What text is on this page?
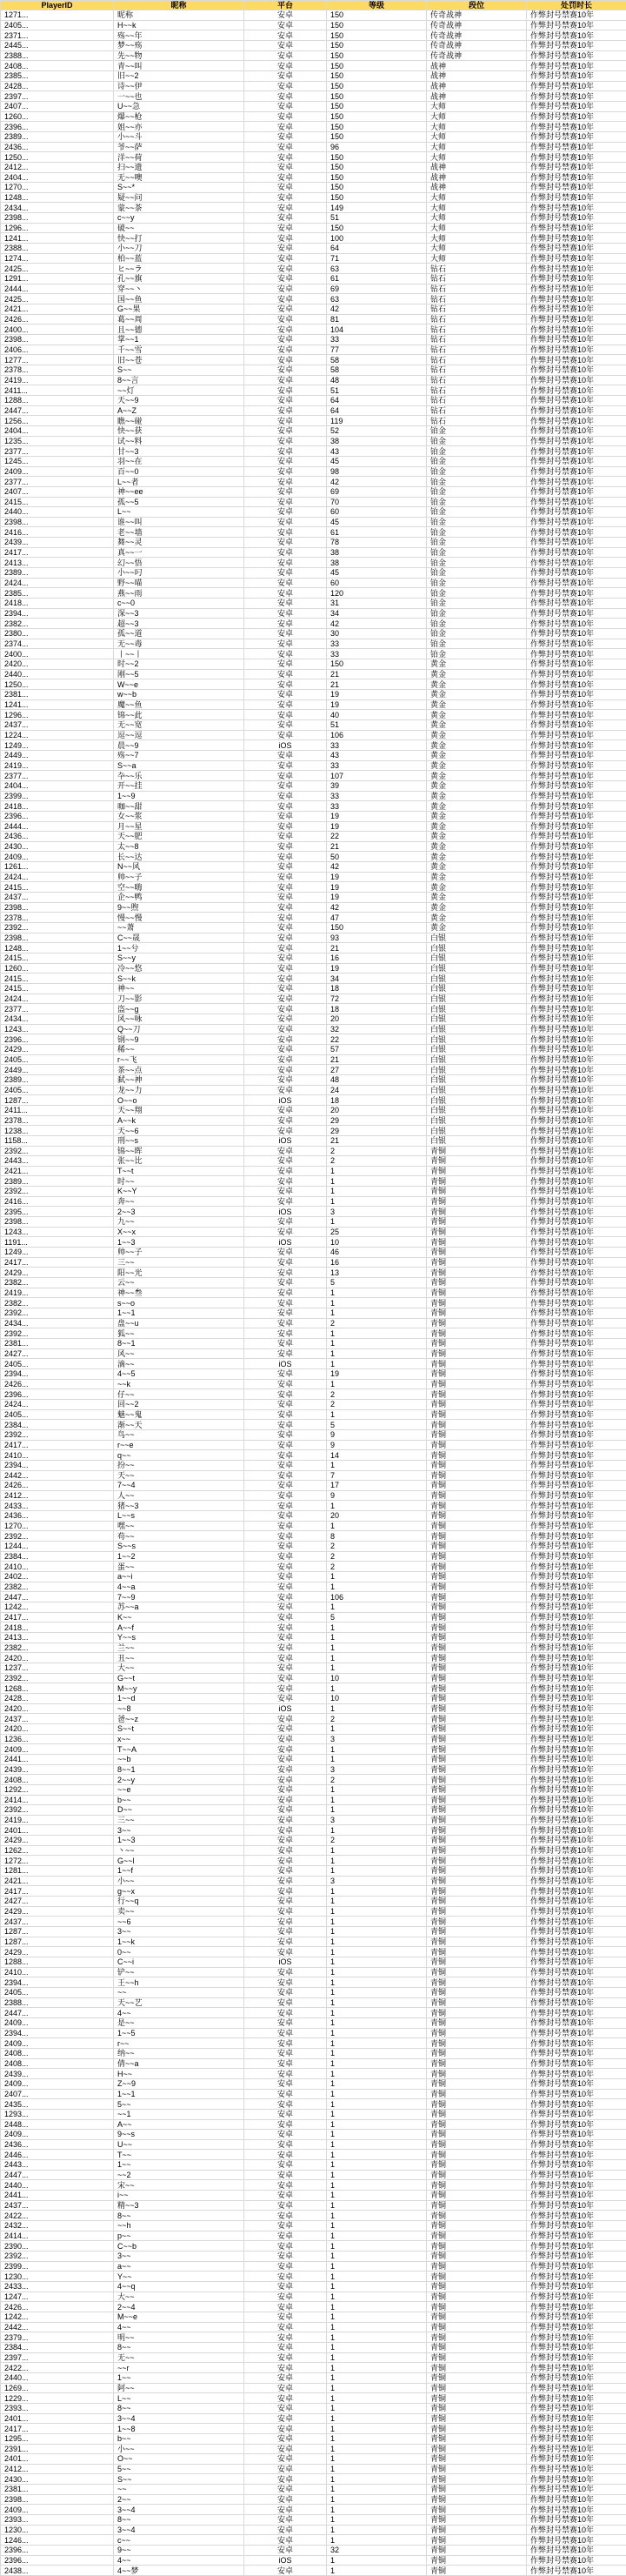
PlayerID	昵称	平台	等级	段位	处罚时长
1271...	昵称	安卓	150	传奇战神	作弊封号禁赛10年
2405...	H~~k	安卓	150	传奇战神	作弊封号禁赛10年
2371...	殇~~年	安卓	150	传奇战神	作弊封号禁赛10年
2445...	梦~~殇	安卓	150	传奇战神	作弊封号禁赛10年
2388...	先~~物	安卓	150	传奇战神	作弊封号禁赛10年
2408...	青~~叫	安卓	150	战神	作弊封号禁赛10年
2385...	旧~~2	安卓	150	战神	作弊封号禁赛10年
2428...	诗~~伊	安卓	150	战神	作弊封号禁赛10年
2397...	一~~也	安卓	150	战神	作弊封号禁赛10年
2407...	U~~急	安卓	150	大师	作弊封号禁赛10年
1260...	爆~~枪	安卓	150	大师	作弊封号禁赛10年
2396...	姐~~亦	安卓	150	大师	作弊封号禁赛10年
2389...	小~~斗	安卓	150	大师	作弊封号禁赛10年
2436...	爷~~萨	安卓	96	大师	作弊封号禁赛10年
1250...	洋~~荷	安卓	150	大师	作弊封号禁赛10年
2412...	扫~~遗	安卓	150	战神	作弊封号禁赛10年
2404...	无~~噢	安卓	150	战神	作弊封号禁赛10年
1270...	S~~*	安卓	150	战神	作弊封号禁赛10年
1248...	疑~~问	安卓	150	大师	作弊封号禁赛10年
2434...	蒙~~茶	安卓	149	大师	作弊封号禁赛10年
2398...	c~~y	安卓	51	大师	作弊封号禁赛10年
1296...	破~~	安卓	150	大师	作弊封号禁赛10年
1241...	快~~打	安卓	100	大师	作弊封号禁赛10年
2388...	小~~刀	安卓	64	大师	作弊封号禁赛10年
1274...	柏~~蓝	安卓	71	大师	作弊封号禁赛10年
2425...	ヒ~~ラ	安卓	63	钻石	作弊封号禁赛10年
1291...	孔~~旗	安卓	61	钻石	作弊封号禁赛10年
2444...	穿~~丶	安卓	69	钻石	作弊封号禁赛10年
2425...	国~~鱼	安卓	63	钻石	作弊封号禁赛10年
2421...	G~~果	安卓	42	钻石	作弊封号禁赛10年
2426...	葛~~周	安卓	81	钻石	作弊封号禁赛10年
2400...	且~~德	安卓	104	钻石	作弊封号禁赛10年
2398...	掌~~1	安卓	33	钻石	作弊封号禁赛10年
2406...	千~~雪	安卓	77	钻石	作弊封号禁赛10年
1277...	旧~~苍	安卓	58	钻石	作弊封号禁赛10年
2378...	S~~	安卓	58	钻石	作弊封号禁赛10年
2419...	8~~言	安卓	48	钻石	作弊封号禁赛10年
2411...	~~灯	安卓	51	钻石	作弊封号禁赛10年
1288...	天~~9	安卓	64	钻石	作弊封号禁赛10年
2447...	A~~Z	安卓	64	钻石	作弊封号禁赛10年
1256...	瞧~~碰	安卓	119	钻石	作弊封号禁赛10年
2404...	快~~获	安卓	52	铂金	作弊封号禁赛10年
1235...	试~~料	安卓	38	铂金	作弊封号禁赛10年
2377...	甘~~3	安卓	43	铂金	作弊封号禁赛10年
1245...	羽~~在	安卓	45	铂金	作弊封号禁赛10年
2409...	百~~0	安卓	98	铂金	作弊封号禁赛10年
2377...	L~~者	安卓	42	铂金	作弊封号禁赛10年
2407...	神~~ee	安卓	69	铂金	作弊封号禁赛10年
2415...	孤~~5	安卓	70	铂金	作弊封号禁赛10年
2440...	L~~	安卓	60	铂金	作弊封号禁赛10年
2398...	谁~~叫	安卓	45	铂金	作弊封号禁赛10年
2416...	老~~墙	安卓	61	铂金	作弊封号禁赛10年
2439...	舞~~灵	安卓	78	铂金	作弊封号禁赛10年
2417...	真~~一	安卓	38	铂金	作弊封号禁赛10年
2413...	幻~~悟	安卓	38	铂金	作弊封号禁赛10年
2389...	小~~叼	安卓	45	铂金	作弊封号禁赛10年
2424...	野~~喵	安卓	60	铂金	作弊封号禁赛10年
2385...	燕~~雨	安卓	120	铂金	作弊封号禁赛10年
2418...	c~~0	安卓	31	铂金	作弊封号禁赛10年
2394...	深~~3	安卓	34	铂金	作弊封号禁赛10年
2382...	超~~3	安卓	42	铂金	作弊封号禁赛10年
2380...	孤~~道	安卓	30	铂金	作弊封号禁赛10年
2374...	无~~毒	安卓	33	铂金	作弊封号禁赛10年
2400...	丨~~丨	安卓	33	铂金	作弊封号禁赛10年
2420...	时~~2	安卓	150	黄金	作弊封号禁赛10年
2440...	刚~~5	安卓	21	黄金	作弊封号禁赛10年
1250...	W~~e	安卓	21	黄金	作弊封号禁赛10年
2381...	w~~b	安卓	19	黄金	作弊封号禁赛10年
1241...	魔~~鱼	安卓	19	黄金	作弊封号禁赛10年
1296...	锦~~此	安卓	40	黄金	作弊封号禁赛10年
2437...	无~~宽	安卓	51	黄金	作弊封号禁赛10年
1224...	逗~~逗	安卓	106	黄金	作弊封号禁赛10年
1249...	晨~~9	iOS	33	黄金	作弊封号禁赛10年
2449...	殇~~7	安卓	43	黄金	作弊封号禁赛10年
2419...	S~~a	安卓	33	黄金	作弊封号禁赛10年
2377...	卆~~乐	安卓	107	黄金	作弊封号禁赛10年
2404...	开~~挂	安卓	39	黄金	作弊封号禁赛10年
2399...	1~~9	安卓	33	黄金	作弊封号禁赛10年
2418...	咖~~甜	安卓	33	黄金	作弊封号禁赛10年
2396...	女~~浆	安卓	19	黄金	作弊封号禁赛10年
2444...	月~~星	安卓	19	黄金	作弊封号禁赛10年
2436...	天~~肥	安卓	22	黄金	作弊封号禁赛10年
2430...	太~~8	安卓	21	黄金	作弊封号禁赛10年
2409...	长~~达	安卓	50	黄金	作弊封号禁赛10年
1261...	N~~风	安卓	42	黄金	作弊封号禁赛10年
2424...	帅~~子	安卓	19	黄金	作弊封号禁赛10年
2415...	空~~嗨	安卓	19	黄金	作弊封号禁赛10年
2437...	企~~鸭	安卓	19	黄金	作弊封号禁赛10年
2398...	9~~煦	安卓	42	黄金	作弊封号禁赛10年
2378...	慢~~慢	安卓	47	黄金	作弊封号禁赛10年
2392...	~~萧	安卓	150	黄金	作弊封号禁赛10年
2398...	C~~晟	安卓	93	白银	作弊封号禁赛10年
1248...	1~~兮	安卓	21	白银	作弊封号禁赛10年
2415...	S~~y	安卓	16	白银	作弊封号禁赛10年
1260...	冷~~悠	安卓	19	白银	作弊封号禁赛10年
2415...	S~~k	安卓	34	白银	作弊封号禁赛10年
2415...	神~~	安卓	18	白银	作弊封号禁赛10年
2424...	刀~~影	安卓	72	白银	作弊封号禁赛10年
2377...	盗~~g	安卓	18	白银	作弊封号禁赛10年
2434...	风~~咏	安卓	20	白银	作弊封号禁赛10年
1243...	Q~~刀	安卓	32	白银	作弊封号禁赛10年
2396...	钢~~9	安卓	22	白银	作弊封号禁赛10年
2429...	稀~~	安卓	57	白银	作弊封号禁赛10年
2405...	r~~飞	安卓	21	白银	作弊封号禁赛10年
2449...	茶~~点	安卓	27	白银	作弊封号禁赛10年
2389...	弑~~神	安卓	48	白银	作弊封号禁赛10年
2405...	龙~~力	安卓	24	白银	作弊封号禁赛10年
1287...	O~~o	iOS	18	白银	作弊封号禁赛10年
2411...	天~~翔	安卓	20	白银	作弊封号禁赛10年
2378...	A~~k	安卓	29	白银	作弊封号禁赛10年
1238...	天~~6	安卓	29	白银	作弊封号禁赛10年
1158...	刑~~s	iOS	21	白银	作弊封号禁赛10年
2392...	锦~~晖	安卓	2	青铜	作弊封号禁赛10年
2443...	张~~比	安卓	2	青铜	作弊封号禁赛10年
2421...	T~~t	安卓	1	青铜	作弊封号禁赛10年
2389...	时~~	安卓	1	青铜	作弊封号禁赛10年
2392...	K~~Y	安卓	1	青铜	作弊封号禁赛10年
2416...	奔~~	安卓	1	青铜	作弊封号禁赛10年
2395...	2~~3	iOS	3	青铜	作弊封号禁赛10年
2398...	九~~	安卓	1	青铜	作弊封号禁赛10年
1243...	X~~x	安卓	25	青铜	作弊封号禁赛10年
1191...	1~~3	iOS	10	青铜	作弊封号禁赛10年
1249...	帅~~子	安卓	46	青铜	作弊封号禁赛10年
2417...	三~~	安卓	16	青铜	作弊封号禁赛10年
2429...	阳~~光	安卓	13	青铜	作弊封号禁赛10年
2382...	云~~	安卓	5	青铜	作弊封号禁赛10年
2419...	神~~叁	安卓	1	青铜	作弊封号禁赛10年
2382...	s~~o	安卓	1	青铜	作弊封号禁赛10年
2392...	1~~1	安卓	1	青铜	作弊封号禁赛10年
2434...	盘~~u	安卓	2	青铜	作弊封号禁赛10年
2392...	狐~~	安卓	1	青铜	作弊封号禁赛10年
2381...	8~~1	安卓	1	青铜	作弊封号禁赛10年
2427...	风~~	安卓	1	青铜	作弊封号禁赛10年
2405...	滴~~	iOS	1	青铜	作弊封号禁赛10年
2394...	4~~5	安卓	19	青铜	作弊封号禁赛10年
2426...	~~k	安卓	1	青铜	作弊封号禁赛10年
2396...	仔~~	安卓	2	青铜	作弊封号禁赛10年
2424...	回~~2	安卓	2	青铜	作弊封号禁赛10年
2405...	魅~~鬼	安卓	1	青铜	作弊封号禁赛10年
2384...	渐~~天	安卓	5	青铜	作弊封号禁赛10年
2392...	鸟~~	安卓	9	青铜	作弊封号禁赛10年
2417...	r~~e	安卓	9	青铜	作弊封号禁赛10年
2410...	q~~	安卓	14	青铜	作弊封号禁赛10年
2394...	扮~~	安卓	1	青铜	作弊封号禁赛10年
2442...	天~~	安卓	7	青铜	作弊封号禁赛10年
2426...	7~~4	安卓	17	青铜	作弊封号禁赛10年
2412...	人~~	安卓	9	青铜	作弊封号禁赛10年
2433...	猪~~3	安卓	1	青铜	作弊封号禁赛10年
2436...	L~~s	安卓	20	青铜	作弊封号禁赛10年
1270...	嘿~~	安卓	1	青铜	作弊封号禁赛10年
2392...	苟~~	安卓	8	青铜	作弊封号禁赛10年
1244...	S~~s	安卓	2	青铜	作弊封号禁赛10年
2384...	1~~2	安卓	2	青铜	作弊封号禁赛10年
2410...	蛋~~	安卓	2	青铜	作弊封号禁赛10年
2402...	a~~i	安卓	1	青铜	作弊封号禁赛10年
2382...	4~~a	安卓	1	青铜	作弊封号禁赛10年
2447...	7~~9	安卓	106	青铜	作弊封号禁赛10年
1242...	苏~~a	安卓	1	青铜	作弊封号禁赛10年
2417...	K~~	安卓	5	青铜	作弊封号禁赛10年
2418...	A~~f	安卓	1	青铜	作弊封号禁赛10年
2413...	Y~~s	安卓	1	青铜	作弊封号禁赛10年
2382...	兰~~	安卓	1	青铜	作弊封号禁赛10年
2420...	丑~~	安卓	1	青铜	作弊封号禁赛10年
1237...	大~~	安卓	1	青铜	作弊封号禁赛10年
2392...	G~~t	安卓	10	青铜	作弊封号禁赛10年
1268...	M~~y	安卓	1	青铜	作弊封号禁赛10年
2428...	1~~d	安卓	10	青铜	作弊封号禁赛10年
2420...	~~8	iOS	1	青铜	作弊封号禁赛10年
2437...	爸~~z	安卓	2	青铜	作弊封号禁赛10年
2420...	S~~t	安卓	1	青铜	作弊封号禁赛10年
1236...	x~~	安卓	3	青铜	作弊封号禁赛10年
2409...	T~~A	安卓	1	青铜	作弊封号禁赛10年
2441...	~~b	安卓	1	青铜	作弊封号禁赛10年
2439...	8~~1	安卓	3	青铜	作弊封号禁赛10年
2408...	2~~y	安卓	2	青铜	作弊封号禁赛10年
1292...	~~e	安卓	1	青铜	作弊封号禁赛10年
2414...	b~~	安卓	1	青铜	作弊封号禁赛10年
2392...	D~~	安卓	1	青铜	作弊封号禁赛10年
2419...	三~~	安卓	3	青铜	作弊封号禁赛10年
2401...	3~~	安卓	1	青铜	作弊封号禁赛10年
2429...	1~~3	安卓	2	青铜	作弊封号禁赛10年
1262...	丶~~	安卓	1	青铜	作弊封号禁赛10年
1272...	G~~l	安卓	1	青铜	作弊封号禁赛10年
1281...	1~~f	安卓	1	青铜	作弊封号禁赛10年
2421...	小~~	安卓	3	青铜	作弊封号禁赛10年
2417...	g~~x	安卓	1	青铜	作弊封号禁赛10年
2427...	行~~q	安卓	1	青铜	作弊封号禁赛10年
2429...	卖~~	安卓	1	青铜	作弊封号禁赛10年
2437...	~~6	安卓	1	青铜	作弊封号禁赛10年
1287...	3~~	安卓	1	青铜	作弊封号禁赛10年
1287...	1~~k	安卓	1	青铜	作弊封号禁赛10年
2429...	0~~	安卓	1	青铜	作弊封号禁赛10年
1288...	C~~i	iOS	1	青铜	作弊封号禁赛10年
2410...	铲~~	安卓	1	青铜	作弊封号禁赛10年
2394...	王~~h	安卓	1	青铜	作弊封号禁赛10年
2405...	~~	安卓	1	青铜	作弊封号禁赛10年
2388...	天~~艺	安卓	1	青铜	作弊封号禁赛10年
2447...	4~~	安卓	1	青铜	作弊封号禁赛10年
2409...	是~~	安卓	1	青铜	作弊封号禁赛10年
2394...	1~~5	安卓	1	青铜	作弊封号禁赛10年
2409...	r~~	安卓	1	青铜	作弊封号禁赛10年
2408...	纳~~	安卓	1	青铜	作弊封号禁赛10年
2408...	倩~~a	安卓	1	青铜	作弊封号禁赛10年
2439...	H~~	安卓	1	青铜	作弊封号禁赛10年
2409...	Z~~9	安卓	1	青铜	作弊封号禁赛10年
2407...	1~~1	安卓	1	青铜	作弊封号禁赛10年
2435...	5~~	安卓	1	青铜	作弊封号禁赛10年
1293...	~~1	安卓	1	青铜	作弊封号禁赛10年
2448...	A~~	安卓	1	青铜	作弊封号禁赛10年
2409...	9~~s	安卓	1	青铜	作弊封号禁赛10年
2436...	U~~	安卓	1	青铜	作弊封号禁赛10年
2446...	T~~	安卓	1	青铜	作弊封号禁赛10年
2443...	1~~	安卓	1	青铜	作弊封号禁赛10年
2447...	~~2	安卓	1	青铜	作弊封号禁赛10年
2440...	宋~~	安卓	1	青铜	作弊封号禁赛10年
2441...	i~~	安卓	1	青铜	作弊封号禁赛10年
2437...	精~~3	安卓	1	青铜	作弊封号禁赛10年
2422...	8~~	安卓	1	青铜	作弊封号禁赛10年
2432...	~~h	安卓	1	青铜	作弊封号禁赛10年
2414...	p~~	安卓	1	青铜	作弊封号禁赛10年
2390...	C~~b	安卓	1	青铜	作弊封号禁赛10年
2392...	3~~	安卓	1	青铜	作弊封号禁赛10年
2399...	a~~	安卓	1	青铜	作弊封号禁赛10年
1230...	Y~~	安卓	1	青铜	作弊封号禁赛10年
2433...	4~~q	安卓	1	青铜	作弊封号禁赛10年
1247...	大~~	安卓	1	青铜	作弊封号禁赛10年
2426...	2~~4	安卓	1	青铜	作弊封号禁赛10年
1242...	M~~e	安卓	1	青铜	作弊封号禁赛10年
2442...	4~~	安卓	1	青铜	作弊封号禁赛10年
2379...	明~~	安卓	1	青铜	作弊封号禁赛10年
2384...	8~~	安卓	1	青铜	作弊封号禁赛10年
2397...	无~~	安卓	1	青铜	作弊封号禁赛10年
2422...	~~r	安卓	1	青铜	作弊封号禁赛10年
2440...	1~~	安卓	1	青铜	作弊封号禁赛10年
1269...	阿~~	安卓	1	青铜	作弊封号禁赛10年
1229...	L~~	安卓	1	青铜	作弊封号禁赛10年
2393...	8~~	安卓	1	青铜	作弊封号禁赛10年
2401...	3~~4	安卓	1	青铜	作弊封号禁赛10年
2417...	1~~8	安卓	1	青铜	作弊封号禁赛10年
1295...	b~~	安卓	1	青铜	作弊封号禁赛10年
2391...	小~~	安卓	1	青铜	作弊封号禁赛10年
2401...	O~~	安卓	1	青铜	作弊封号禁赛10年
2412...	5~~	安卓	1	青铜	作弊封号禁赛10年
2430...	S~~	安卓	1	青铜	作弊封号禁赛10年
2381...	~~	安卓	1	青铜	作弊封号禁赛10年
2398...	2~~	安卓	1	青铜	作弊封号禁赛10年
2409...	3~~4	安卓	1	青铜	作弊封号禁赛10年
2393...	8~~	安卓	1	青铜	作弊封号禁赛10年
1230...	3~~4	安卓	1	青铜	作弊封号禁赛10年
1246...	c~~	安卓	1	青铜	作弊封号禁赛10年
2396...	9~~	安卓	32	青铜	作弊封号禁赛10年
2396...	4~~	iOS	1	青铜	作弊封号禁赛10年
2438...	4~~梦	安卓	1	青铜	作弊封号禁赛10年
